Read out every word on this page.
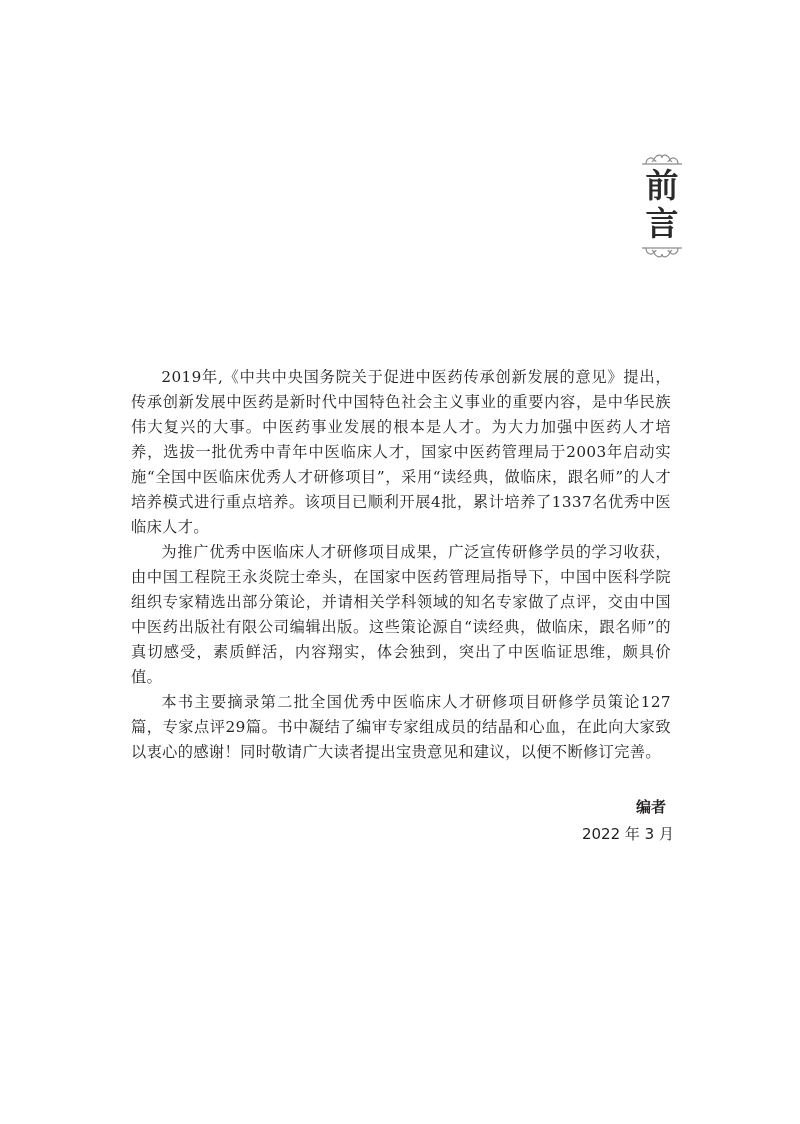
前
言

2019年,《中共中央国务院关于促进中医药传承创新发展的意见》提出，传承创新发展中医药是新时代中国特色社会主义事业的重要内容，是中华民族伟大复兴的大事。中医药事业发展的根本是人才。为大力加强中医药人才培养，选拔一批优秀中青年中医临床人才，国家中医药管理局于2003年启动实施“全国中医临床优秀人才研修项目”，采用“读经典，做临床，跟名师”的人才培养模式进行重点培养。该项目已顺利开展4批，累计培养了1337名优秀中医临床人才。

为推广优秀中医临床人才研修项目成果，广泛宣传研修学员的学习收获，由中国工程院王永炎院士牵头，在国家中医药管理局指导下，中国中医科学院组织专家精选出部分策论，并请相关学科领域的知名专家做了点评，交由中国中医药出版社有限公司编辑出版。这些策论源自“读经典，做临床，跟名师”的真切感受，素质鲜活，内容翔实，体会独到，突出了中医临证思维，颇具价值。

本书主要摘录第二批全国优秀中医临床人才研修项目研修学员策论127篇，专家点评29篇。书中凝结了编审专家组成员的结晶和心血，在此向大家致以衷心的感谢！同时敬请广大读者提出宝贵意见和建议，以便不断修订完善。

编者
2022 年 3 月
